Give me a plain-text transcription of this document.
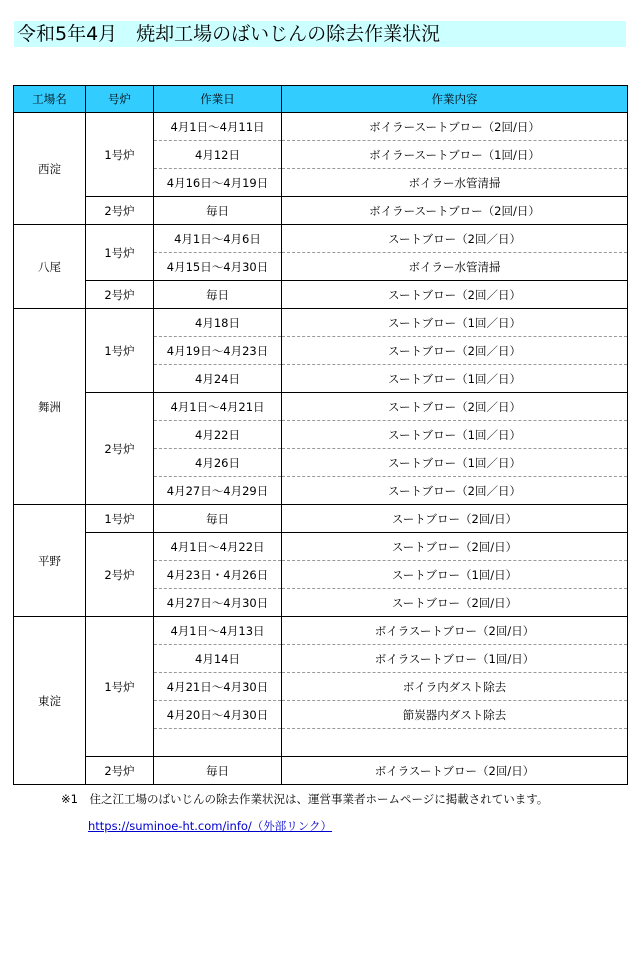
令和5年4月　焼却工場のばいじんの除去作業状況
工場名	号炉	作業日	作業内容
西淀	1号炉	4月1日～4月11日	ボイラースートブロー（2回/日）
		4月12日	ボイラースートブロー（1回/日）
		4月16日～4月19日	ボイラー水管清掃
	2号炉	毎日	ボイラースートブロー（2回/日）
八尾	1号炉	4月1日～4月6日	スートブロー（2回／日）
		4月15日～4月30日	ボイラー水管清掃
	2号炉	毎日	スートブロー（2回／日）
舞洲	1号炉	4月18日	スートブロー（1回／日）
		4月19日～4月23日	スートブロー（2回／日）
		4月24日	スートブロー（1回／日）
	2号炉	4月1日～4月21日	スートブロー（2回／日）
		4月22日	スートブロー（1回／日）
		4月26日	スートブロー（1回／日）
		4月27日～4月29日	スートブロー（2回／日）
平野	1号炉	毎日	スートブロー（2回/日）
	2号炉	4月1日～4月22日	スートブロー（2回/日）
		4月23日・4月26日	スートブロー（1回/日）
		4月27日～4月30日	スートブロー（2回/日）
東淀	1号炉	4月1日～4月13日	ボイラスートブロー（2回/日）
		4月14日	ボイラスートブロー（1回/日）
		4月21日～4月30日	ボイラ内ダスト除去
		4月20日～4月30日	節炭器内ダスト除去

	2号炉	毎日	ボイラスートブロー（2回/日）
※1　住之江工場のばいじんの除去作業状況は、運営事業者ホームページに掲載されています。
https://suminoe-ht.com/info/（外部リンク）
